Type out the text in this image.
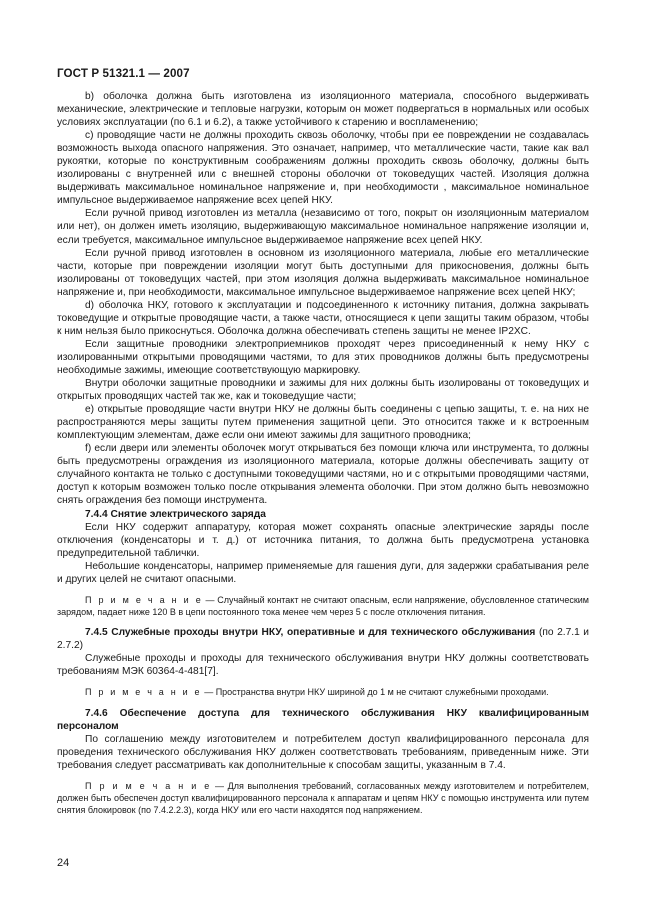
ГОСТ Р 51321.1 — 2007

b) оболочка должна быть изготовлена из изоляционного материала, способного выдерживать механические, электрические и тепловые нагрузки, которым он может подвергаться в нормальных или особых условиях эксплуатации (по 6.1 и 6.2), а также устойчивого к старению и воспламенению;

c) проводящие части не должны проходить сквозь оболочку, чтобы при ее повреждении не создавалась возможность выхода опасного напряжения. Это означает, например, что металлические части, такие как вал рукоятки, которые по конструктивным соображениям должны проходить сквозь оболочку, должны быть изолированы с внутренней или с внешней стороны оболочки от токоведущих частей. Изоляция должна выдерживать максимальное номинальное напряжение и, при необходимости , максимальное номинальное импульсное выдерживаемое напряжение всех цепей НКУ.

Если ручной привод изготовлен из металла (независимо от того, покрыт он изоляционным материалом или нет), он должен иметь изоляцию, выдерживающую максимальное номинальное напряжение изоляции и, если требуется, максимальное импульсное выдерживаемое напряжение всех цепей НКУ.

Если ручной привод изготовлен в основном из изоляционного материала, любые его металлические части, которые при повреждении изоляции могут быть доступными для прикосновения, должны быть изолированы от токоведущих частей, при этом изоляция должна выдерживать максимальное номинальное напряжение и, при необходимости, максимальное импульсное выдерживаемое напряжение всех цепей НКУ;

d) оболочка НКУ, готового к эксплуатации и подсоединенного к источнику питания, должна закрывать токоведущие и открытые проводящие части, а также части, относящиеся к цепи защиты таким образом, чтобы к ним нельзя было прикоснуться. Оболочка должна обеспечивать степень защиты не менее IP2XC.

Если защитные проводники электроприемников проходят через присоединенный к нему НКУ с изолированными открытыми проводящими частями, то для этих проводников должны быть предусмотрены необходимые зажимы, имеющие соответствующую маркировку.

Внутри оболочки защитные проводники и зажимы для них должны быть изолированы от токоведущих и открытых проводящих частей так же, как и токоведущие части;

e) открытые проводящие части внутри НКУ не должны быть соединены с цепью защиты, т. е. на них не распространяются меры защиты путем применения защитной цепи. Это относится также и к встроенным комплектующим элементам, даже если они имеют зажимы для защитного проводника;

f) если двери или элементы оболочек могут открываться без помощи ключа или инструмента, то должны быть предусмотрены ограждения из изоляционного материала, которые должны обеспечивать защиту от случайного контакта не только с доступными токоведущими частями, но и с открытыми проводящими частями, доступ к которым возможен только после открывания элемента оболочки. При этом должно быть невозможно снять ограждения без помощи инструмента.

7.4.4 Снятие электрического заряда

Если НКУ содержит аппаратуру, которая может сохранять опасные электрические заряды после отключения (конденсаторы и т. д.) от источника питания, то должна быть предусмотрена установка предупредительной таблички.

Небольшие конденсаторы, например применяемые для гашения дуги, для задержки срабатывания реле и других целей не считают опасными.

П р и м е ч а н и е — Случайный контакт не считают опасным, если напряжение, обусловленное статическим зарядом, падает ниже 120 В в цепи постоянного тока менее чем через 5 с после отключения питания.

7.4.5 Служебные проходы внутри НКУ, оперативные и для технического обслуживания (по 2.7.1 и 2.7.2)

Служебные проходы и проходы для технического обслуживания внутри НКУ должны соответствовать требованиям МЭК 60364-4-481[7].

П р и м е ч а н и е — Пространства внутри НКУ шириной до 1 м не считают служебными проходами.

7.4.6 Обеспечение доступа для технического обслуживания НКУ квалифицированным персоналом

По соглашению между изготовителем и потребителем доступ квалифицированного персонала для проведения технического обслуживания НКУ должен соответствовать требованиям, приведенным ниже. Эти требования следует рассматривать как дополнительные к способам защиты, указанным в 7.4.

П р и м е ч а н и е — Для выполнения требований, согласованных между изготовителем и потребителем, должен быть обеспечен доступ квалифицированного персонала к аппаратам и цепям НКУ с помощью инструмента или путем снятия блокировок (по 7.4.2.2.3), когда НКУ или его части находятся под напряжением.

24
